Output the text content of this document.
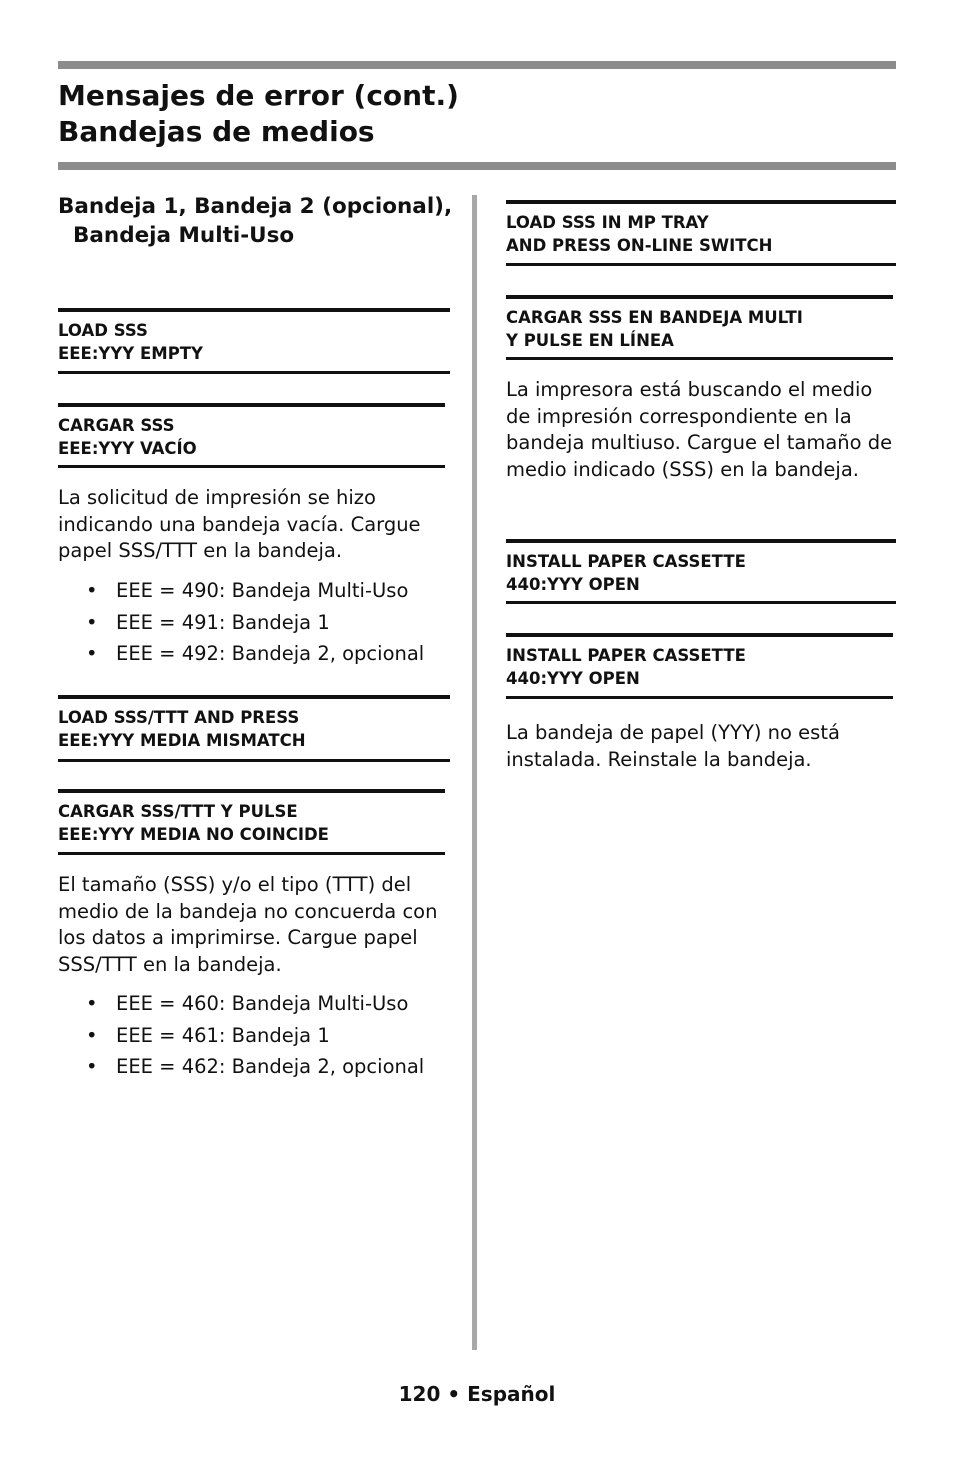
Mensajes de error (cont.)
Bandejas de medios
Bandeja 1, Bandeja 2 (opcional), Bandeja Multi-Uso
LOAD SSS
EEE:YYY EMPTY
CARGAR SSS
EEE:YYY VACÍO

La solicitud de impresión se hizo indicando una bandeja vacía. Cargue papel SSS/TTT en la bandeja.

• EEE = 490: Bandeja Multi-Uso
• EEE = 491: Bandeja 1
• EEE = 492: Bandeja 2, opcional
LOAD SSS/TTT AND PRESS
EEE:YYY MEDIA MISMATCH
CARGAR SSS/TTT Y PULSE
EEE:YYY MEDIA NO COINCIDE

El tamaño (SSS) y/o el tipo (TTT) del medio de la bandeja no concuerda con los datos a imprimirse. Cargue papel SSS/TTT en la bandeja.

• EEE = 460: Bandeja Multi-Uso
• EEE = 461: Bandeja 1
• EEE = 462: Bandeja 2, opcional
LOAD SSS IN MP TRAY
AND PRESS ON-LINE SWITCH
CARGAR SSS EN BANDEJA MULTI
Y PULSE EN LÍNEA

La impresora está buscando el medio de impresión correspondiente en la bandeja multiuso. Cargue el tamaño de medio indicado (SSS) en la bandeja.

INSTALL PAPER CASSETTE
440:YYY OPEN
INSTALL PAPER CASSETTE
440:YYY OPEN

La bandeja de papel (YYY) no está instalada. Reinstale la bandeja.

120 • Español
